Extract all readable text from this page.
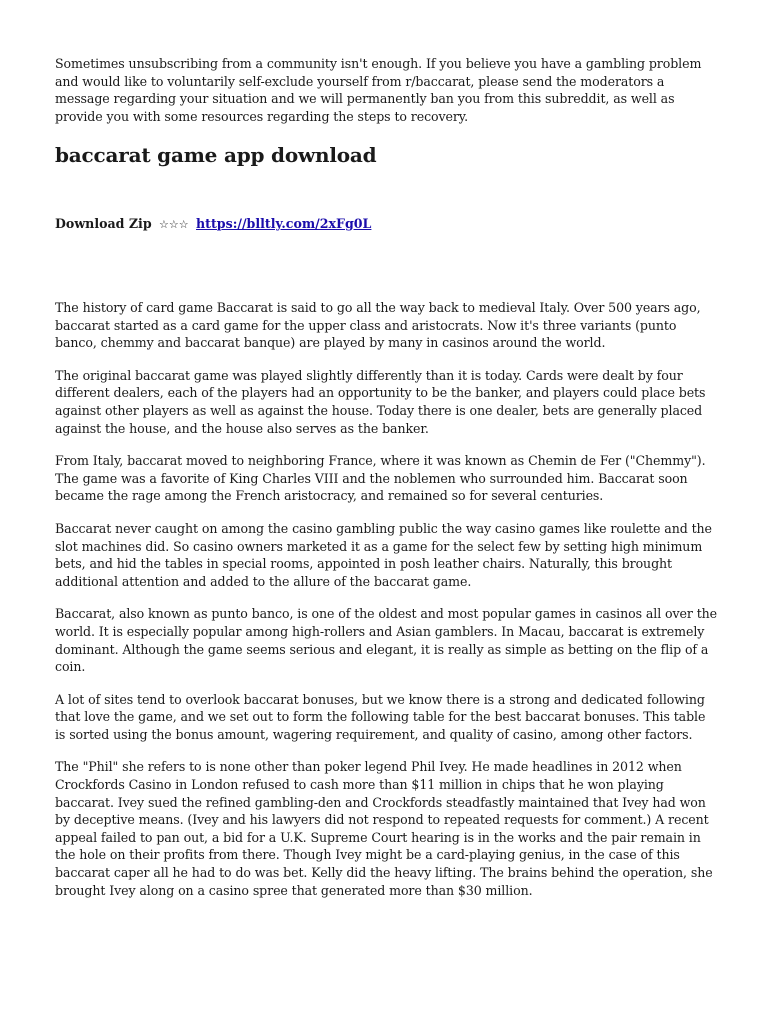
Sometimes unsubscribing from a community isn't enough. If you believe you have a gambling problem and would like to voluntarily self-exclude yourself from r/baccarat, please send the moderators a message regarding your situation and we will permanently ban you from this subreddit, as well as provide you with some resources regarding the steps to recovery.

baccarat game app download
Download Zip ☆☆☆ https://blltly.com/2xFg0L

The history of card game Baccarat is said to go all the way back to medieval Italy. Over 500 years ago, baccarat started as a card game for the upper class and aristocrats. Now it's three variants (punto banco, chemmy and baccarat banque) are played by many in casinos around the world.

The original baccarat game was played slightly differently than it is today. Cards were dealt by four different dealers, each of the players had an opportunity to be the banker, and players could place bets against other players as well as against the house. Today there is one dealer, bets are generally placed against the house, and the house also serves as the banker.

From Italy, baccarat moved to neighboring France, where it was known as Chemin de Fer ("Chemmy"). The game was a favorite of King Charles VIII and the noblemen who surrounded him. Baccarat soon became the rage among the French aristocracy, and remained so for several centuries.

Baccarat never caught on among the casino gambling public the way casino games like roulette and the slot machines did. So casino owners marketed it as a game for the select few by setting high minimum bets, and hid the tables in special rooms, appointed in posh leather chairs. Naturally, this brought additional attention and added to the allure of the baccarat game.

Baccarat, also known as punto banco, is one of the oldest and most popular games in casinos all over the world. It is especially popular among high-rollers and Asian gamblers. In Macau, baccarat is extremely dominant. Although the game seems serious and elegant, it is really as simple as betting on the flip of a coin.

A lot of sites tend to overlook baccarat bonuses, but we know there is a strong and dedicated following that love the game, and we set out to form the following table for the best baccarat bonuses. This table is sorted using the bonus amount, wagering requirement, and quality of casino, among other factors.

The "Phil" she refers to is none other than poker legend Phil Ivey. He made headlines in 2012 when Crockfords Casino in London refused to cash more than $11 million in chips that he won playing baccarat. Ivey sued the refined gambling-den and Crockfords steadfastly maintained that Ivey had won by deceptive means. (Ivey and his lawyers did not respond to repeated requests for comment.) A recent appeal failed to pan out, a bid for a U.K. Supreme Court hearing is in the works and the pair remain in the hole on their profits from there. Though Ivey might be a card-playing genius, in the case of this baccarat caper all he had to do was bet. Kelly did the heavy lifting. The brains behind the operation, she brought Ivey along on a casino spree that generated more than $30 million.
